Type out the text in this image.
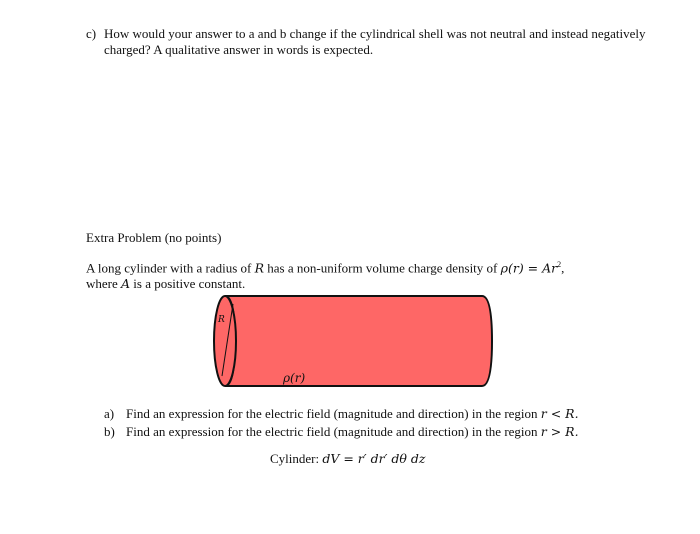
c) How would your answer to a and b change if the cylindrical shell was not neutral and instead negatively charged? A qualitative answer in words is expected.
Extra Problem (no points)
A long cylinder with a radius of R has a non-uniform volume charge density of $\rho(r) = Ar^2$,
where A is a positive constant.
R
ρ(r)
a) Find an expression for the electric field (magnitude and direction) in the region r < R.
b) Find an expression for the electric field (magnitude and direction) in the region r > R.
Cylinder: dV = r′ dr′ dθ dz
